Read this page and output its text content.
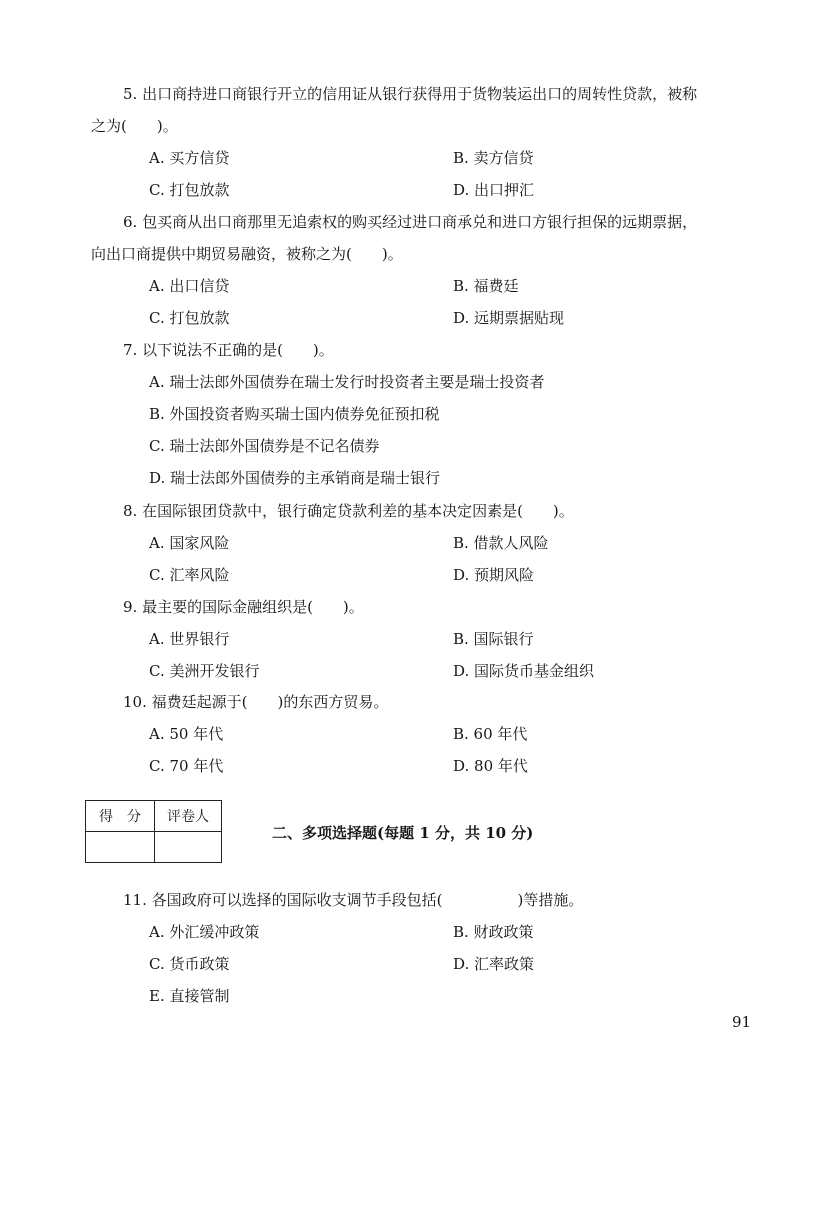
5. 出口商持进口商银行开立的信用证从银行获得用于货物装运出口的周转性贷款，被称
之为(　　)。
A. 买方信贷	B. 卖方信贷
C. 打包放款	D. 出口押汇
6. 包买商从出口商那里无追索权的购买经过进口商承兑和进口方银行担保的远期票据，
向出口商提供中期贸易融资，被称之为(　　)。
A. 出口信贷	B. 福费廷
C. 打包放款	D. 远期票据贴现
7. 以下说法不正确的是(　　)。
A. 瑞士法郎外国债券在瑞士发行时投资者主要是瑞士投资者
B. 外国投资者购买瑞士国内债券免征预扣税
C. 瑞士法郎外国债券是不记名债券
D. 瑞士法郎外国债券的主承销商是瑞士银行
8. 在国际银团贷款中，银行确定贷款利差的基本决定因素是(　　)。
A. 国家风险	B. 借款人风险
C. 汇率风险	D. 预期风险
9. 最主要的国际金融组织是(　　)。
A. 世界银行	B. 国际银行
C. 美洲开发银行	D. 国际货币基金组织
10. 福费廷起源于(　　)的东西方贸易。
A. 50 年代	B. 60 年代
C. 70 年代	D. 80 年代
得　分	评卷人

二、多项选择题(每题 1 分，共 10 分)
11. 各国政府可以选择的国际收支调节手段包括(　　　　　)等措施。
A. 外汇缓冲政策	B. 财政政策
C. 货币政策	D. 汇率政策
E. 直接管制
91
